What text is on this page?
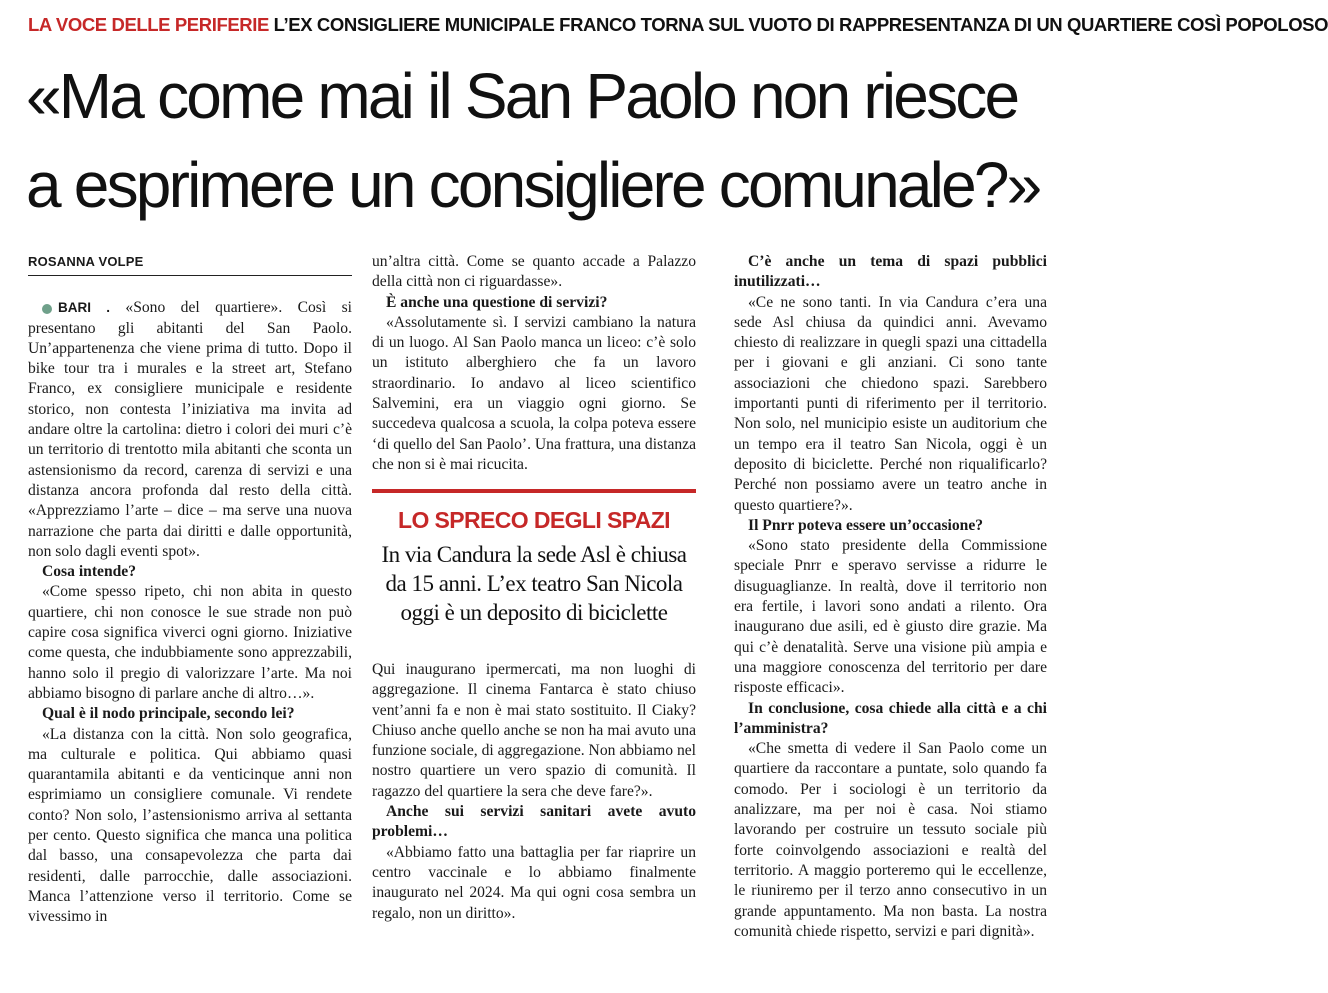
LA VOCE DELLE PERIFERIE L’EX CONSIGLIERE MUNICIPALE FRANCO TORNA SUL VUOTO DI RAPPRESENTANZA DI UN QUARTIERE COSÌ POPOLOSO
«Ma come mai il San Paolo non riesce
a esprimere un consigliere comunale?»
ROSANNA VOLPE

BARI . «Sono del quartiere». Così si presentano gli abitanti del San Paolo. Un’appartenenza che viene prima di tutto. Dopo il bike tour tra i murales e la street art, Stefano Franco, ex consigliere municipale e residente storico, non contesta l’iniziativa ma invita ad andare oltre la cartolina: dietro i colori dei muri c’è un territorio di trentotto mila abitanti che sconta un astensionismo da record, carenza di servizi e una distanza ancora profonda dal resto della città. «Apprezziamo l’arte – dice – ma serve una nuova narrazione che parta dai diritti e dalle opportunità, non solo dagli eventi spot».

Cosa intende?

«Come spesso ripeto, chi non abita in questo quartiere, chi non conosce le sue strade non può capire cosa significa viverci ogni giorno. Iniziative come questa, che indubbiamente sono apprezzabili, hanno solo il pregio di valorizzare l’arte. Ma noi abbiamo bisogno di parlare anche di altro…».

Qual è il nodo principale, secondo lei?

«La distanza con la città. Non solo geografica, ma culturale e politica. Qui abbiamo quasi quarantamila abitanti e da venticinque anni non esprimiamo un consigliere comunale. Vi rendete conto? Non solo, l’astensionismo arriva al settanta per cento. Questo significa che manca una politica dal basso, una consapevolezza che parta dai residenti, dalle parrocchie, dalle associazioni. Manca l’attenzione verso il territorio. Come se vivessimo in

un’altra città. Come se quanto accade a Palazzo della città non ci riguardasse».

È anche una questione di servizi?

«Assolutamente sì. I servizi cambiano la natura di un luogo. Al San Paolo manca un liceo: c’è solo un istituto alberghiero che fa un lavoro straordinario. Io andavo al liceo scientifico Salvemini, era un viaggio ogni giorno. Se succedeva qualcosa a scuola, la colpa poteva essere ‘di quello del San Paolo’. Una frattura, una distanza che non si è mai ricucita.

LO SPRECO DEGLI SPAZI
In via Candura la sede Asl è chiusa da 15 anni. L’ex teatro San Nicola oggi è un deposito di biciclette

Qui inaugurano ipermercati, ma non luoghi di aggregazione. Il cinema Fantarca è stato chiuso vent’anni fa e non è mai stato sostituito. Il Ciaky? Chiuso anche quello anche se non ha mai avuto una funzione sociale, di aggregazione. Non abbiamo nel nostro quartiere un vero spazio di comunità. Il ragazzo del quartiere la sera che deve fare?».

Anche sui servizi sanitari avete avuto problemi…

«Abbiamo fatto una battaglia per far riaprire un centro vaccinale e lo abbiamo finalmente inaugurato nel 2024. Ma qui ogni cosa sembra un regalo, non un diritto».

C’è anche un tema di spazi pubblici inutilizzati…

«Ce ne sono tanti. In via Candura c’era una sede Asl chiusa da quindici anni. Avevamo chiesto di realizzare in quegli spazi una cittadella per i giovani e gli anziani. Ci sono tante associazioni che chiedono spazi. Sarebbero importanti punti di riferimento per il territorio. Non solo, nel municipio esiste un auditorium che un tempo era il teatro San Nicola, oggi è un deposito di biciclette. Perché non riqualificarlo? Perché non possiamo avere un teatro anche in questo quartiere?».

Il Pnrr poteva essere un’occasione?

«Sono stato presidente della Commissione speciale Pnrr e speravo servisse a ridurre le disuguaglianze. In realtà, dove il territorio non era fertile, i lavori sono andati a rilento. Ora inaugurano due asili, ed è giusto dire grazie. Ma qui c’è denatalità. Serve una visione più ampia e una maggiore conoscenza del territorio per dare risposte efficaci».

In conclusione, cosa chiede alla città e a chi l’amministra?

«Che smetta di vedere il San Paolo come un quartiere da raccontare a puntate, solo quando fa comodo. Per i sociologi è un territorio da analizzare, ma per noi è casa. Noi stiamo lavorando per costruire un tessuto sociale più forte coinvolgendo associazioni e realtà del territorio. A maggio porteremo qui le eccellenze, le riuniremo per il terzo anno consecutivo in un grande appuntamento. Ma non basta. La nostra comunità chiede rispetto, servizi e pari dignità».
